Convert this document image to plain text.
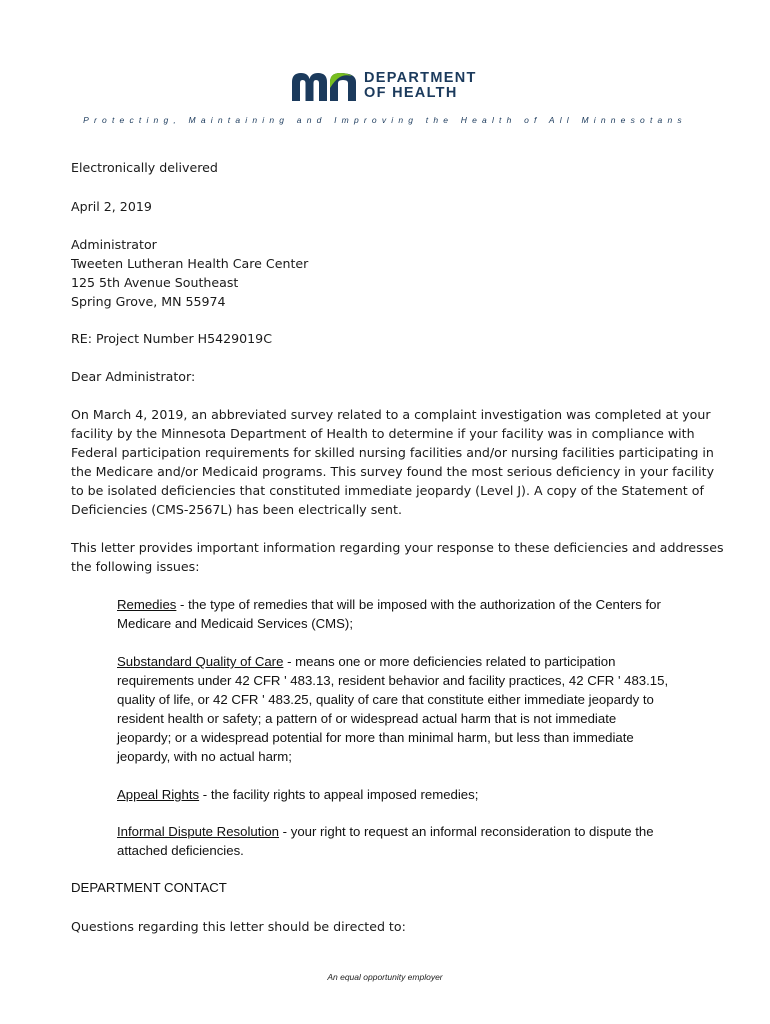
DEPARTMENT
OF HEALTH
Protecting, Maintaining and Improving the Health of All Minnesotans
Electronically delivered
April 2, 2019
Administrator
Tweeten Lutheran Health Care Center
125 5th Avenue Southeast
Spring Grove, MN 55974
RE: Project Number H5429019C
Dear Administrator:
On March 4, 2019, an abbreviated survey related to a complaint investigation was completed at your
facility by the Minnesota Department of Health to determine if your facility was in compliance with
Federal participation requirements for skilled nursing facilities and/or nursing facilities participating in
the Medicare and/or Medicaid programs. This survey found the most serious deficiency in your facility
to be isolated deficiencies that constituted immediate jeopardy (Level J). A copy of the Statement of
Deficiencies (CMS-2567L) has been electrically sent.
This letter provides important information regarding your response to these deficiencies and addresses
the following issues:
Remedies - the type of remedies that will be imposed with the authorization of the Centers for
Medicare and Medicaid Services (CMS);
Substandard Quality of Care - means one or more deficiencies related to participation
requirements under 42 CFR ' 483.13, resident behavior and facility practices, 42 CFR ' 483.15,
quality of life, or 42 CFR ' 483.25, quality of care that constitute either immediate jeopardy to
resident health or safety; a pattern of or widespread actual harm that is not immediate
jeopardy; or a widespread potential for more than minimal harm, but less than immediate
jeopardy, with no actual harm;
Appeal Rights - the facility rights to appeal imposed remedies;
Informal Dispute Resolution - your right to request an informal reconsideration to dispute the
attached deficiencies.
DEPARTMENT CONTACT
Questions regarding this letter should be directed to:
An equal opportunity employer
